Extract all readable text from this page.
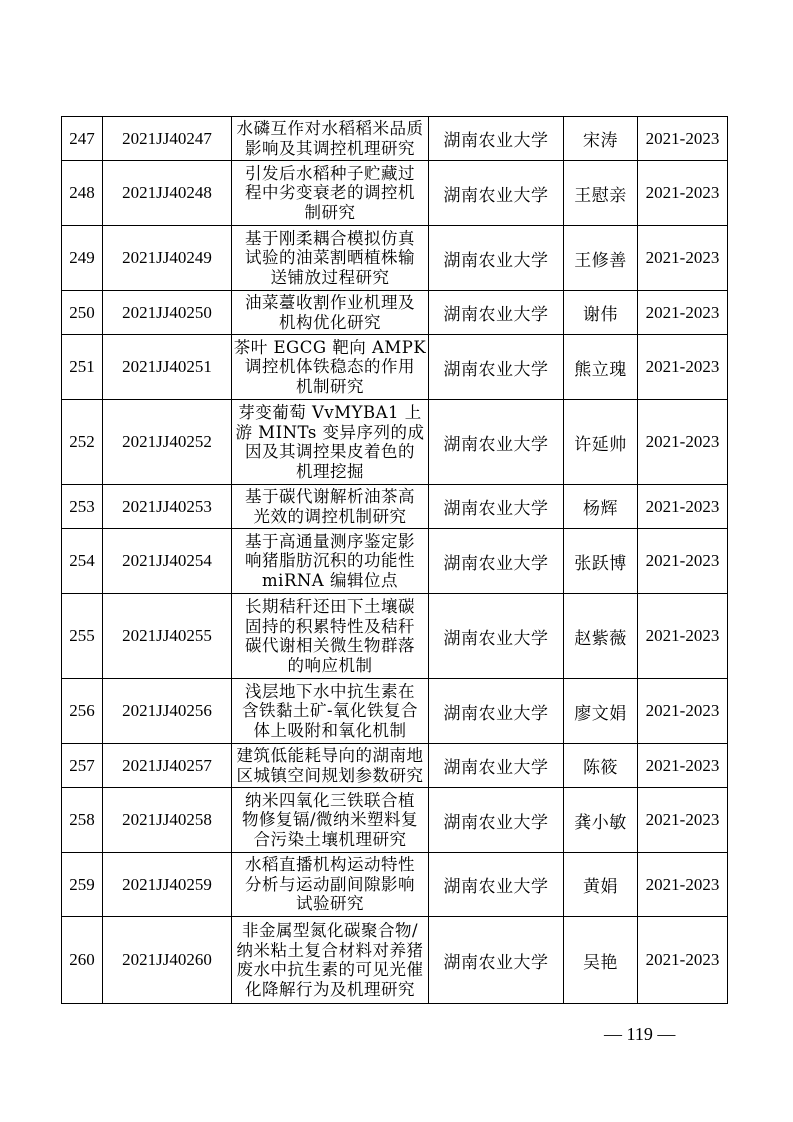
247	2021JJ40247	水磷互作对水稻稻米品质
影响及其调控机理研究	湖南农业大学	宋涛	2021-2023
248	2021JJ40248	引发后水稻种子贮藏过
程中劣变衰老的调控机
制研究	湖南农业大学	王慰亲	2021-2023
249	2021JJ40249	基于刚柔耦合模拟仿真
试验的油菜割晒植株输
送铺放过程研究	湖南农业大学	王修善	2021-2023
250	2021JJ40250	油菜薹收割作业机理及
机构优化研究	湖南农业大学	谢伟	2021-2023
251	2021JJ40251	茶叶 EGCG 靶向 AMPK
调控机体铁稳态的作用
机制研究	湖南农业大学	熊立瑰	2021-2023
252	2021JJ40252	芽变葡萄 VvMYBA1 上
游 MINTs 变异序列的成
因及其调控果皮着色的
机理挖掘	湖南农业大学	许延帅	2021-2023
253	2021JJ40253	基于碳代谢解析油茶高
光效的调控机制研究	湖南农业大学	杨辉	2021-2023
254	2021JJ40254	基于高通量测序鉴定影
响猪脂肪沉积的功能性
miRNA 编辑位点	湖南农业大学	张跃博	2021-2023
255	2021JJ40255	长期秸秆还田下土壤碳
固持的积累特性及秸秆
碳代谢相关微生物群落
的响应机制	湖南农业大学	赵紫薇	2021-2023
256	2021JJ40256	浅层地下水中抗生素在
含铁黏土矿-氧化铁复合
体上吸附和氧化机制	湖南农业大学	廖文娟	2021-2023
257	2021JJ40257	建筑低能耗导向的湖南地
区城镇空间规划参数研究	湖南农业大学	陈筱	2021-2023
258	2021JJ40258	纳米四氧化三铁联合植
物修复镉/微纳米塑料复
合污染土壤机理研究	湖南农业大学	龚小敏	2021-2023
259	2021JJ40259	水稻直播机构运动特性
分析与运动副间隙影响
试验研究	湖南农业大学	黄娟	2021-2023
260	2021JJ40260	非金属型氮化碳聚合物/
纳米粘土复合材料对养猪
废水中抗生素的可见光催
化降解行为及机理研究	湖南农业大学	吴艳	2021-2023
— 119 —
